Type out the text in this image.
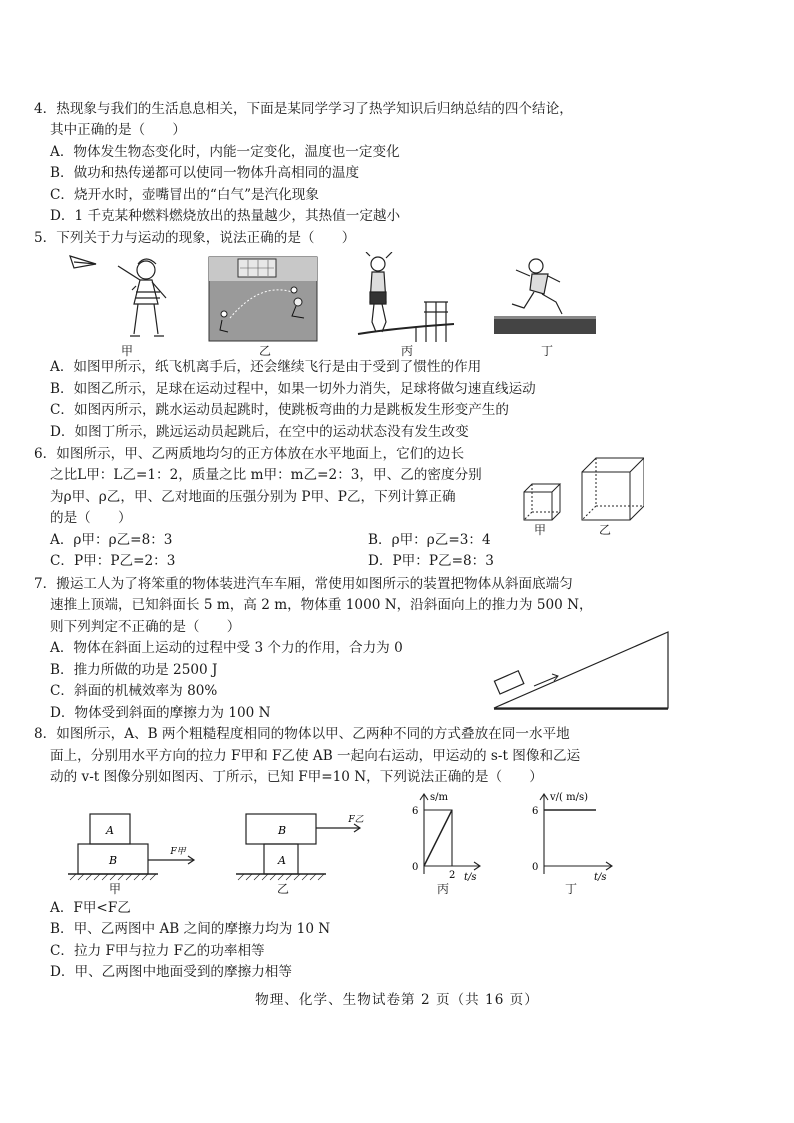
4．热现象与我们的生活息息相关，下面是某同学学习了热学知识后归纳总结的四个结论，
其中正确的是（　　）
A．物体发生物态变化时，内能一定变化，温度也一定变化
B．做功和热传递都可以使同一物体升高相同的温度
C．烧开水时，壶嘴冒出的“白气”是汽化现象
D．1 千克某种燃料燃烧放出的热量越少，其热值一定越小
5．下列关于力与运动的现象，说法正确的是（　　）
甲	乙	丙	丁
A．如图甲所示，纸飞机离手后，还会继续飞行是由于受到了惯性的作用
B．如图乙所示，足球在运动过程中，如果一切外力消失，足球将做匀速直线运动
C．如图丙所示，跳水运动员起跳时，使跳板弯曲的力是跳板发生形变产生的
D．如图丁所示，跳远运动员起跳后，在空中的运动状态没有发生改变
6．如图所示，甲、乙两质地均匀的正方体放在水平地面上，它们的边长
之比L甲：L乙=1：2，质量之比 m甲：m乙=2：3，甲、乙的密度分别
为ρ甲、ρ乙，甲、乙对地面的压强分别为 P甲、P乙，下列计算正确
的是（　　）
A．ρ甲：ρ乙=8：3	B．ρ甲：ρ乙=3：4
C．P甲：P乙=2：3	D．P甲：P乙=8：3
甲	乙
7．搬运工人为了将笨重的物体装进汽车车厢，常使用如图所示的装置把物体从斜面底端匀
速推上顶端，已知斜面长 5 m，高 2 m，物体重 1000 N，沿斜面向上的推力为 500 N，
则下列判定不正确的是（　　）
A．物体在斜面上运动的过程中受 3 个力的作用，合力为 0
B．推力所做的功是 2500 J
C．斜面的机械效率为 80%
D．物体受到斜面的摩擦力为 100 N
8．如图所示，A、B 两个粗糙程度相同的物体以甲、乙两种不同的方式叠放在同一水平地
面上，分别用水平方向的拉力 F甲和 F乙使 AB 一起向右运动，甲运动的 s-t 图像和乙运
动的 v-t 图像分别如图丙、丁所示，已知 F甲=10 N，下列说法正确的是（　　）
A
B
F甲
甲
B
A
F乙
乙
s/m
t/s
6
2
0
丙
v/( m/s)
t/s
6
0
丁
A．F甲<F乙
B．甲、乙两图中 AB 之间的摩擦力均为 10 N
C．拉力 F甲与拉力 F乙的功率相等
D．甲、乙两图中地面受到的摩擦力相等
物理、化学、生物试卷第 2 页（共 16 页）
